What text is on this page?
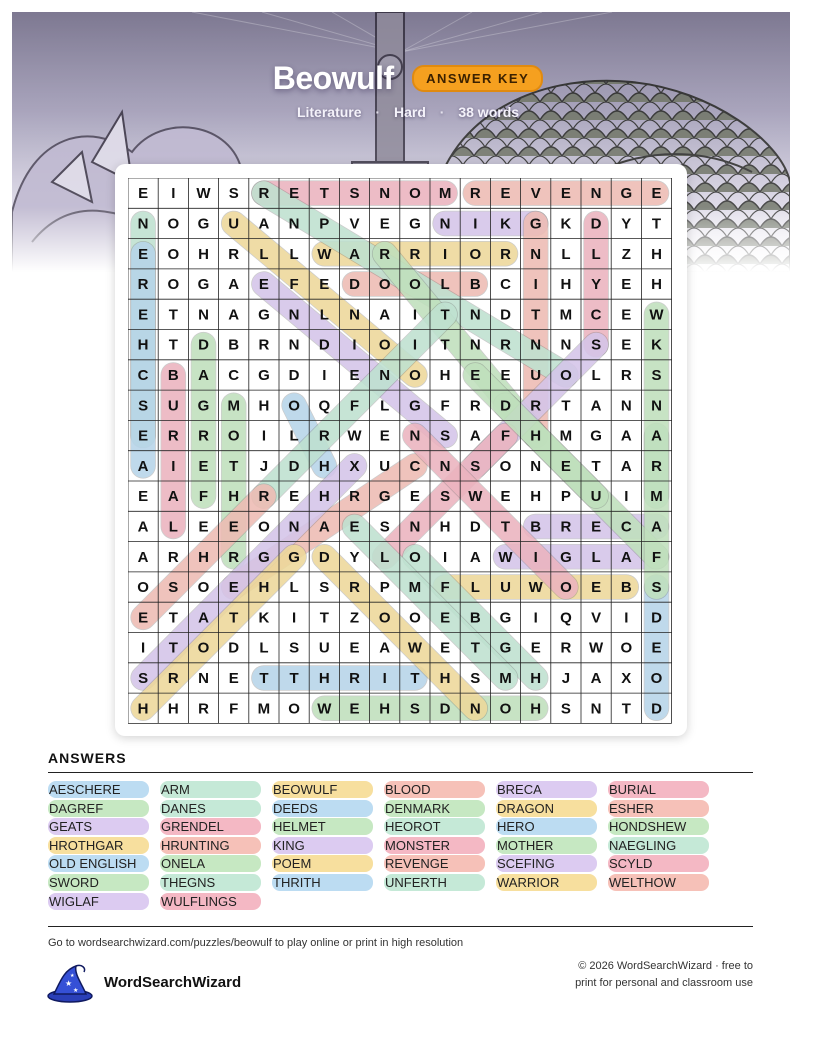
Beowulf ANSWER KEY
Literature · Hard · 38 words
E I W S R E T S N O M R E V E N G E
N O G U A N P V E G N I K G K D Y T
E O H R L L W A R R I O R N L L Z H
R O G A E F E D O O L B C I H Y E H
E T N A G N L N A I T N D T M C E W
H T D B R N D I O I T N R N N S E K
C B A C G D I E N O H E E U O L R S
S U G M H O Q F L G F R D R T A N N
E R R O I L R W E N S A F H M G A A
A I E T J D H X U C N S O N E T A R
E A F H R E H R G E S W E H P U I M
A L E E O N A E S N H D T B R E C A
A R H R G G D Y L O I A W I G L A F
O S O E H L S R P M F L U W O E B S
E T A T K I T Z O O E B G I Q V I D
I T O D L S U E A W E T G E R W O E
S R N E T T H R I T H S M H J A X O
H H R F M O W E H S D N O H S N T D
ANSWERS
AESCHERE	ARM	BEOWULF	BLOOD	BRECA	BURIAL
DAGREF	DANES	DEEDS	DENMARK	DRAGON	ESHER
GEATS	GRENDEL	HELMET	HEOROT	HERO	HONDSHEW
HROTHGAR	HRUNTING	KING	MONSTER	MOTHER	NAEGLING
OLD ENGLISH	ONELA	POEM	REVENGE	SCEFING	SCYLD
SWORD	THEGNS	THRITH	UNFERTH	WARRIOR	WELTHOW
WIGLAF	WULFLINGS
Go to wordsearchwizard.com/puzzles/beowulf to play online or print in high resolution
★
★
★ WordSearchWizard
© 2026 WordSearchWizard · free to print for personal and classroom use
